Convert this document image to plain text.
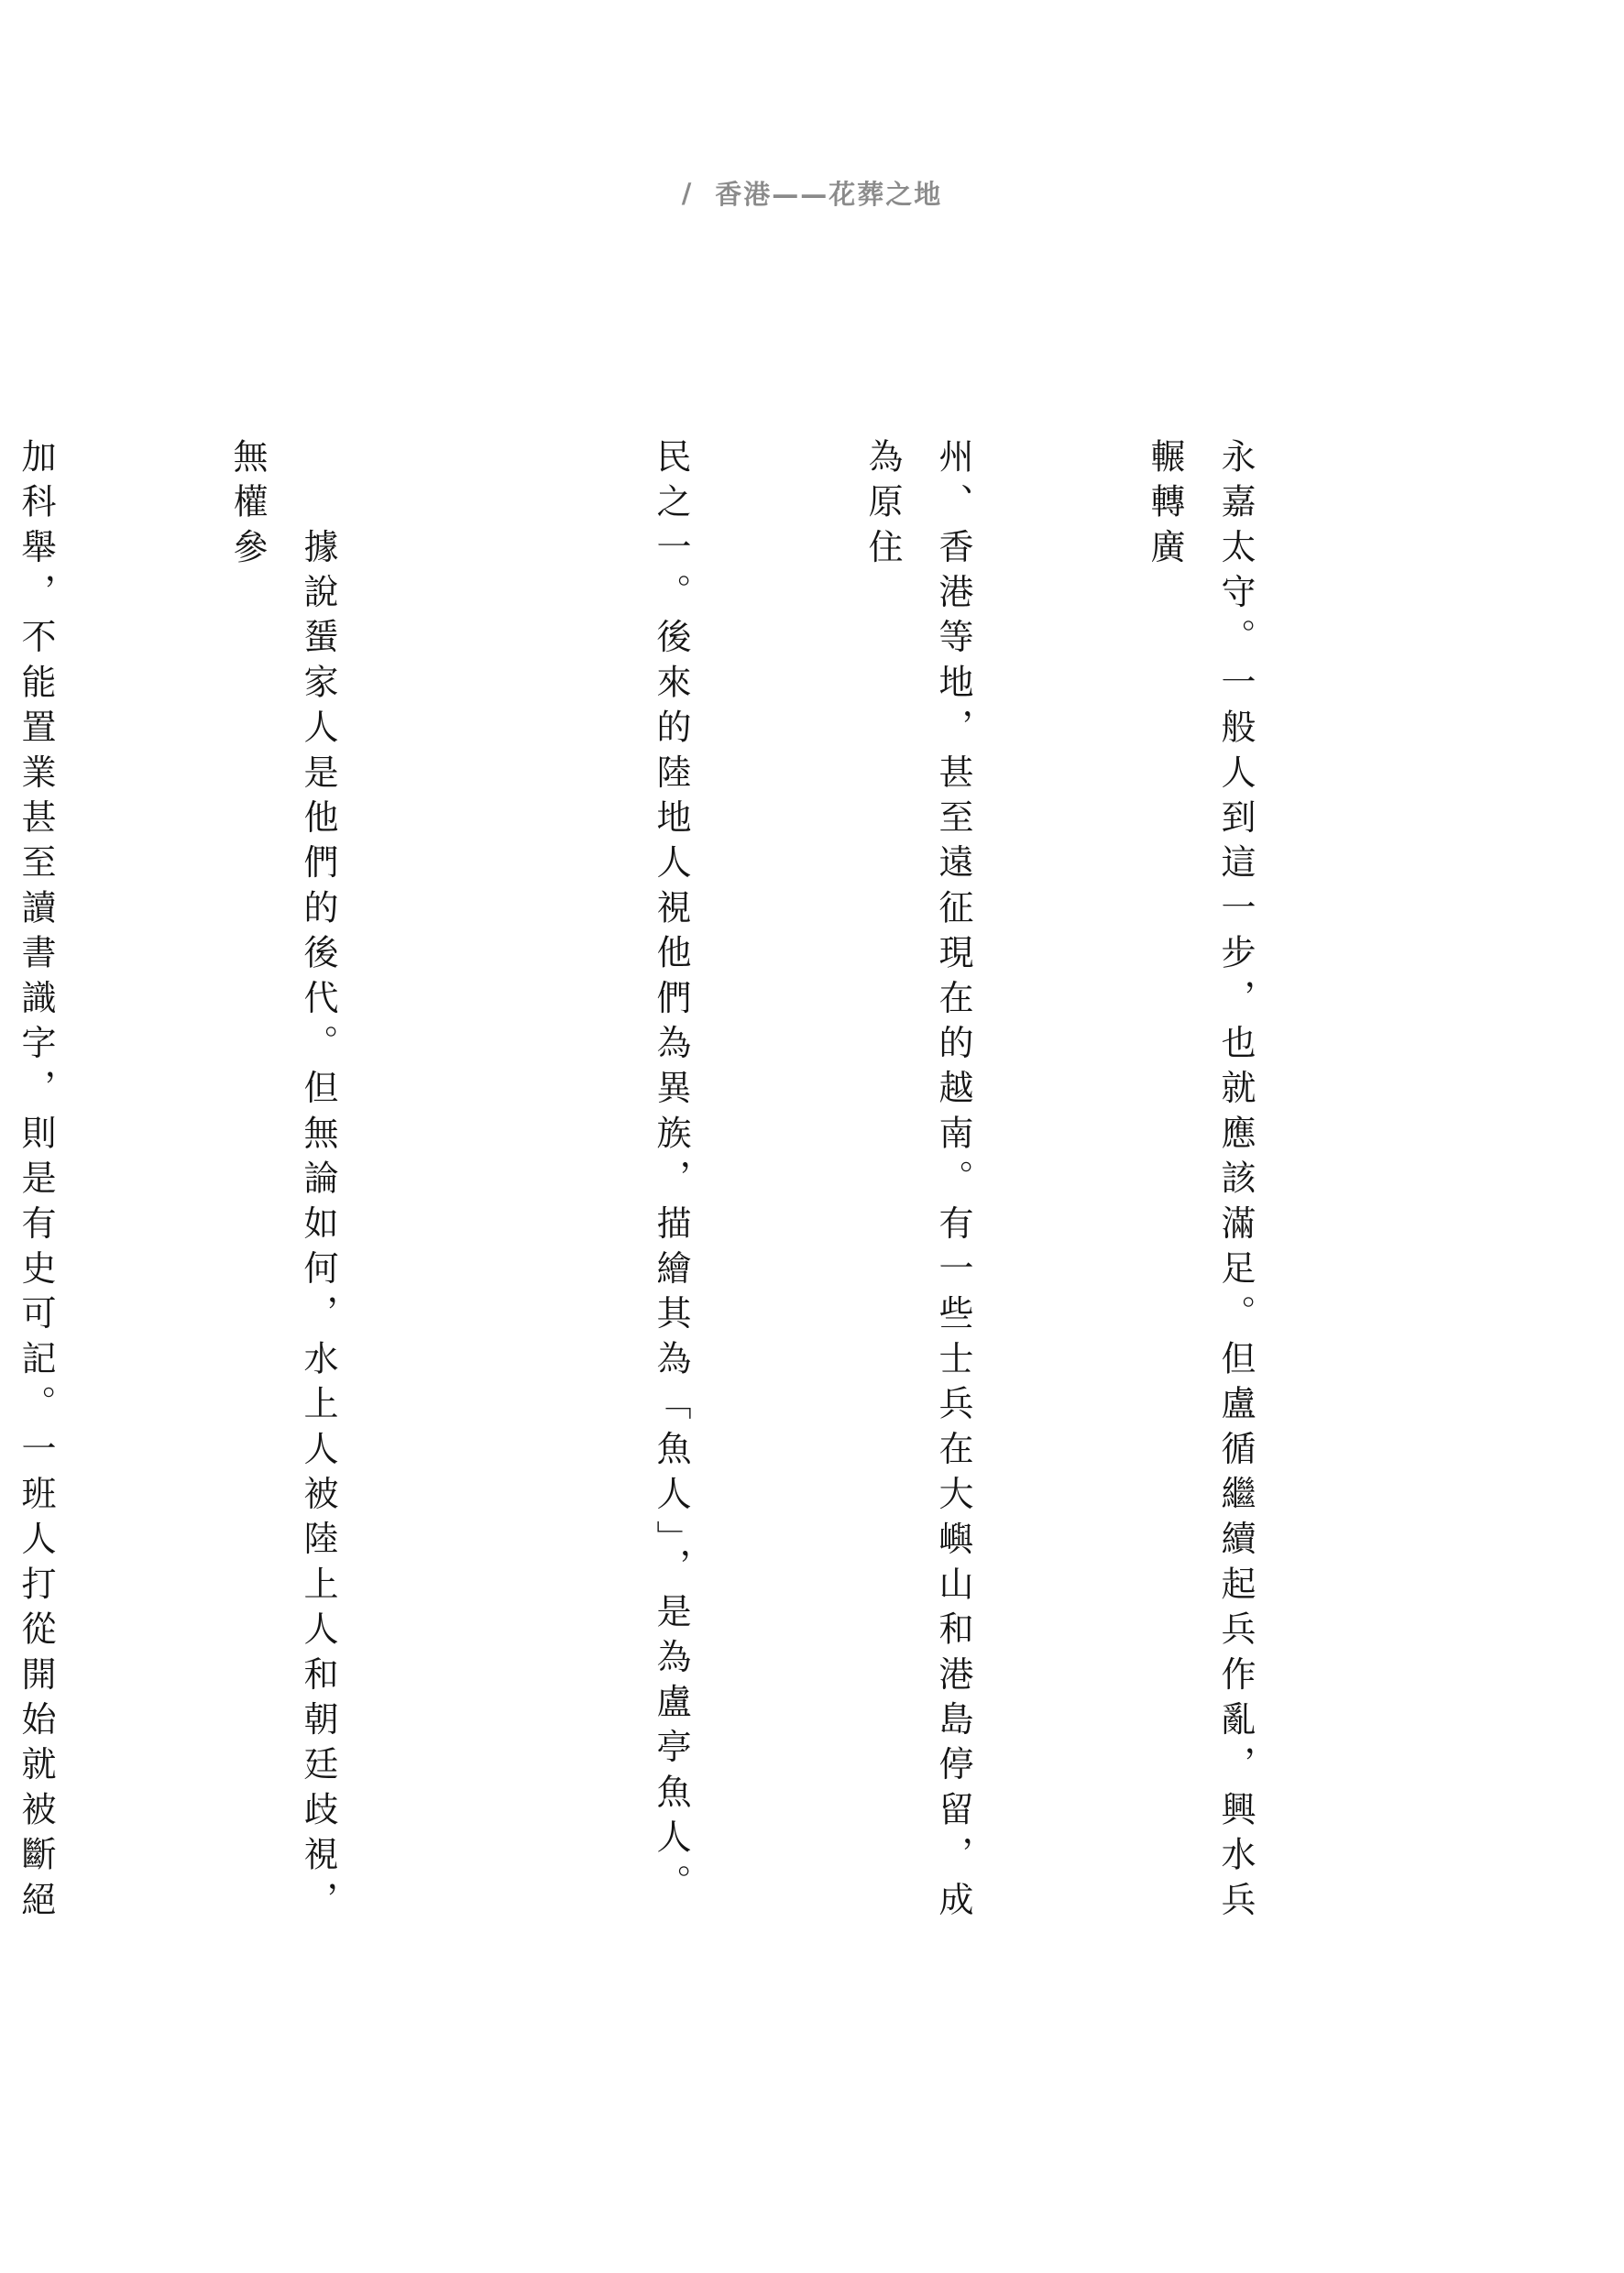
/ 香港——花葬之地

永嘉太守。一般人到這一步，也就應該滿足。但盧循繼續起兵作亂，興水兵輾轉廣

州、香港等地，甚至遠征現在的越南。有一些士兵在大嶼山和港島停留，成為原住

民之一。後來的陸地人視他們為異族，描繪其為「魚人」，是為盧亭魚人。

　　據說蜑家人是他們的後代。但無論如何，水上人被陸上人和朝廷歧視，無權參

加科舉，不能置業甚至讀書識字，則是有史可記。一班人打從開始就被斷絕
